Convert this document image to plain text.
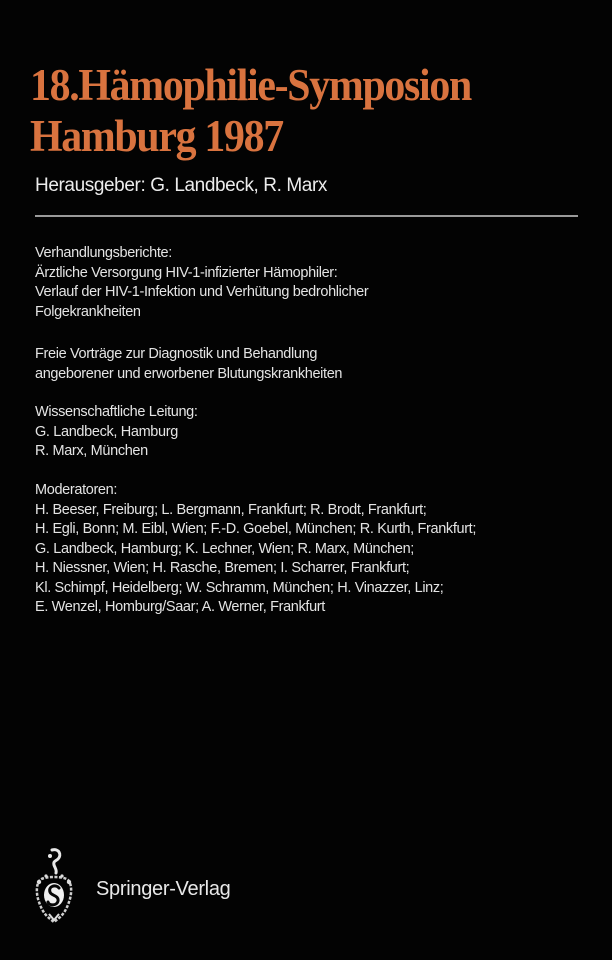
18.Hämophilie-Symposion
Hamburg 1987
Herausgeber: G. Landbeck, R. Marx
Verhandlungsberichte:
Ärztliche Versorgung HIV-1-infizierter Hämophiler:
Verlauf der HIV-1-Infektion und Verhütung bedrohlicher
Folgekrankheiten
Freie Vorträge zur Diagnostik und Behandlung
angeborener und erworbener Blutungskrankheiten
Wissenschaftliche Leitung:
G. Landbeck, Hamburg
R. Marx, München
Moderatoren:
H. Beeser, Freiburg; L. Bergmann, Frankfurt; R. Brodt, Frankfurt;
H. Egli, Bonn; M. Eibl, Wien; F.-D. Goebel, München; R. Kurth, Frankfurt;
G. Landbeck, Hamburg; K. Lechner, Wien; R. Marx, München;
H. Niessner, Wien; H. Rasche, Bremen; I. Scharrer, Frankfurt;
Kl. Schimpf, Heidelberg; W. Schramm, München; H. Vinazzer, Linz;
E. Wenzel, Homburg/Saar; A. Werner, Frankfurt
Springer-Verlag
